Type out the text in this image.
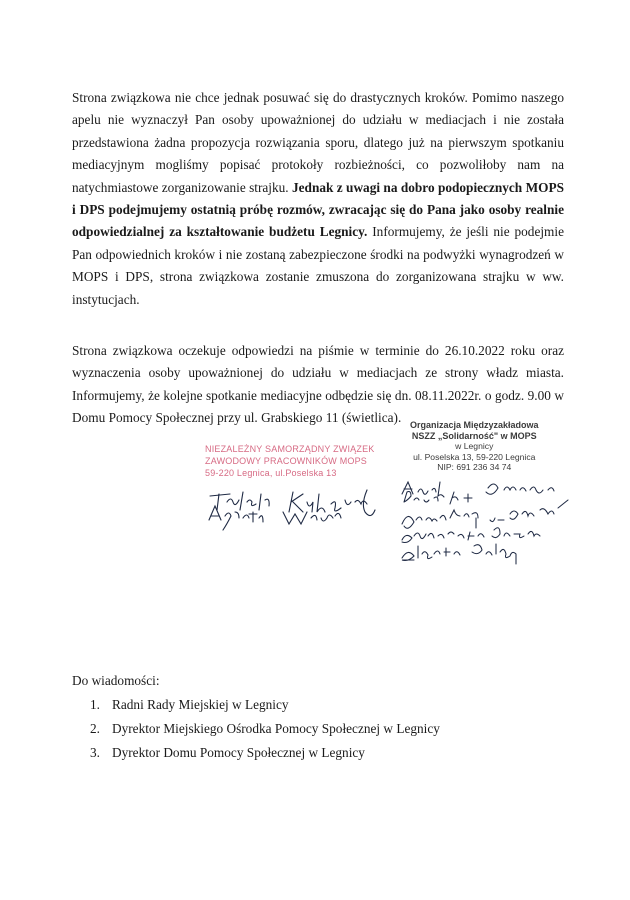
Strona związkowa nie chce jednak posuwać się do drastycznych kroków. Pomimo naszego apelu nie wyznaczył Pan osoby upoważnionej do udziału w mediacjach i nie została przedstawiona żadna propozycja rozwiązania sporu, dlatego już na pierwszym spotkaniu mediacyjnym mogliśmy popisać protokoły rozbieżności, co pozwoliłoby nam na natychmiastowe zorganizowanie strajku. Jednak z uwagi na dobro podopiecznych MOPS i DPS podejmujemy ostatnią próbę rozmów, zwracając się do Pana jako osoby realnie odpowiedzialnej za kształtowanie budżetu Legnicy. Informujemy, że jeśli nie podejmie Pan odpowiednich kroków i nie zostaną zabezpieczone środki na podwyżki wynagrodzeń w MOPS i DPS, strona związkowa zostanie zmuszona do zorganizowana strajku w ww. instytucjach.

Strona związkowa oczekuje odpowiedzi na piśmie w terminie do 26.10.2022 roku oraz wyznaczenia osoby upoważnionej do udziału w mediacjach ze strony władz miasta. Informujemy, że kolejne spotkanie mediacyjne odbędzie się dn. 08.11.2022r. o godz. 9.00 w Domu Pomocy Społecznej przy ul. Grabskiego 11 (świetlica).

NIEZALEŻNY SAMORZĄDNY ZWIĄZEK
ZAWODOWY PRACOWNIKÓW MOPS
59-220 Legnica, ul.Poselska 13
Organizacja Międzyzakładowa
NSZZ „Solidarność" w MOPS
w Legnicy
ul. Poselska 13, 59-220 Legnica
NIP: 691 236 34 74
Do wiadomości:
1. Radni Rady Miejskiej w Legnicy
2. Dyrektor Miejskiego Ośrodka Pomocy Społecznej w Legnicy
3. Dyrektor Domu Pomocy Społecznej w Legnicy
